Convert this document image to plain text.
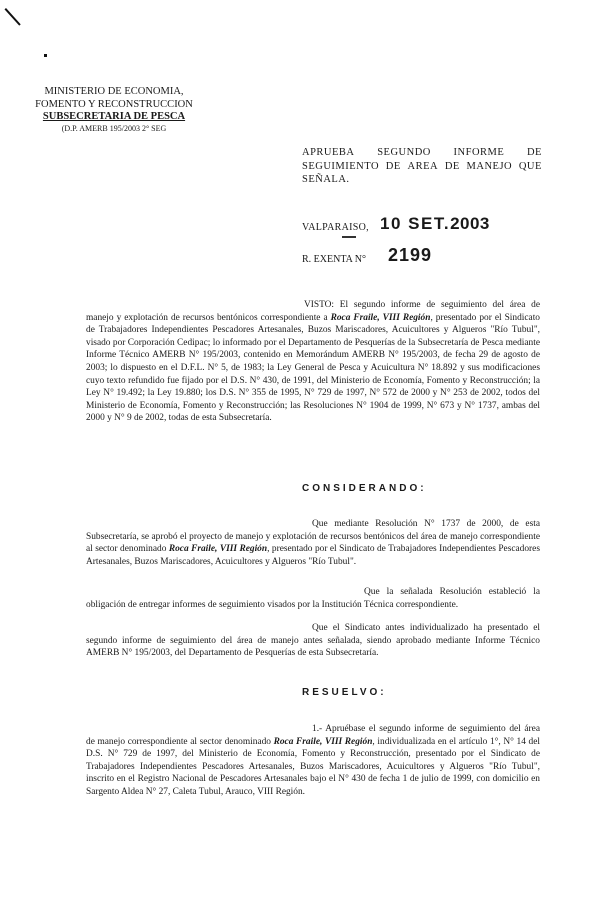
MINISTERIO DE ECONOMIA,
FOMENTO Y RECONSTRUCCION
SUBSECRETARIA DE PESCA
(D.P. AMERB 195/2003 2° SEG
APRUEBA SEGUNDO INFORME DE
SEGUIMIENTO DE AREA DE MANEJO QUE
SEÑALA.
VALPARAISO, 10 SET.2003
R. EXENTA N° 2199
VISTO: El segundo informe de seguimiento del área de manejo y explotación de recursos bentónicos correspondiente a Roca Fraile, VIII Región, presentado por el Sindicato de Trabajadores Independientes Pescadores Artesanales, Buzos Mariscadores, Acuicultores y Algueros "Río Tubul", visado por Corporación Cedipac; lo informado por el Departamento de Pesquerías de la Subsecretaría de Pesca mediante Informe Técnico AMERB N° 195/2003, contenido en Memorándum AMERB N° 195/2003, de fecha 29 de agosto de 2003; lo dispuesto en el D.F.L. N° 5, de 1983; la Ley General de Pesca y Acuicultura N° 18.892 y sus modificaciones cuyo texto refundido fue fijado por el D.S. N° 430, de 1991, del Ministerio de Economía, Fomento y Reconstrucción; la Ley N° 19.492; la Ley 19.880; los D.S. N° 355 de 1995, N° 729 de 1997, N° 572 de 2000 y N° 253 de 2002, todos del Ministerio de Economía, Fomento y Reconstrucción; las Resoluciones N° 1904 de 1999, N° 673 y N° 1737, ambas del 2000 y N° 9 de 2002, todas de esta Subsecretaría.
CONSIDERANDO:
Que mediante Resolución N° 1737 de 2000, de esta Subsecretaría, se aprobó el proyecto de manejo y explotación de recursos bentónicos del área de manejo correspondiente al sector denominado Roca Fraile, VIII Región, presentado por el Sindicato de Trabajadores Independientes Pescadores Artesanales, Buzos Mariscadores, Acuicultores y Algueros "Río Tubul".
Que la señalada Resolución estableció la obligación de entregar informes de seguimiento visados por la Institución Técnica correspondiente.
Que el Sindicato antes individualizado ha presentado el segundo informe de seguimiento del área de manejo antes señalada, siendo aprobado mediante Informe Técnico AMERB N° 195/2003, del Departamento de Pesquerías de esta Subsecretaría.
RESUELVO:
1.- Apruébase el segundo informe de seguimiento del área de manejo correspondiente al sector denominado Roca Fraile, VIII Región, individualizada en el artículo 1°, N° 14 del D.S. N° 729 de 1997, del Ministerio de Economía, Fomento y Reconstrucción, presentado por el Sindicato de Trabajadores Independientes Pescadores Artesanales, Buzos Mariscadores, Acuicultores y Algueros "Río Tubul", inscrito en el Registro Nacional de Pescadores Artesanales bajo el N° 430 de fecha 1 de julio de 1999, con domicilio en Sargento Aldea N° 27, Caleta Tubul, Arauco, VIII Región.
